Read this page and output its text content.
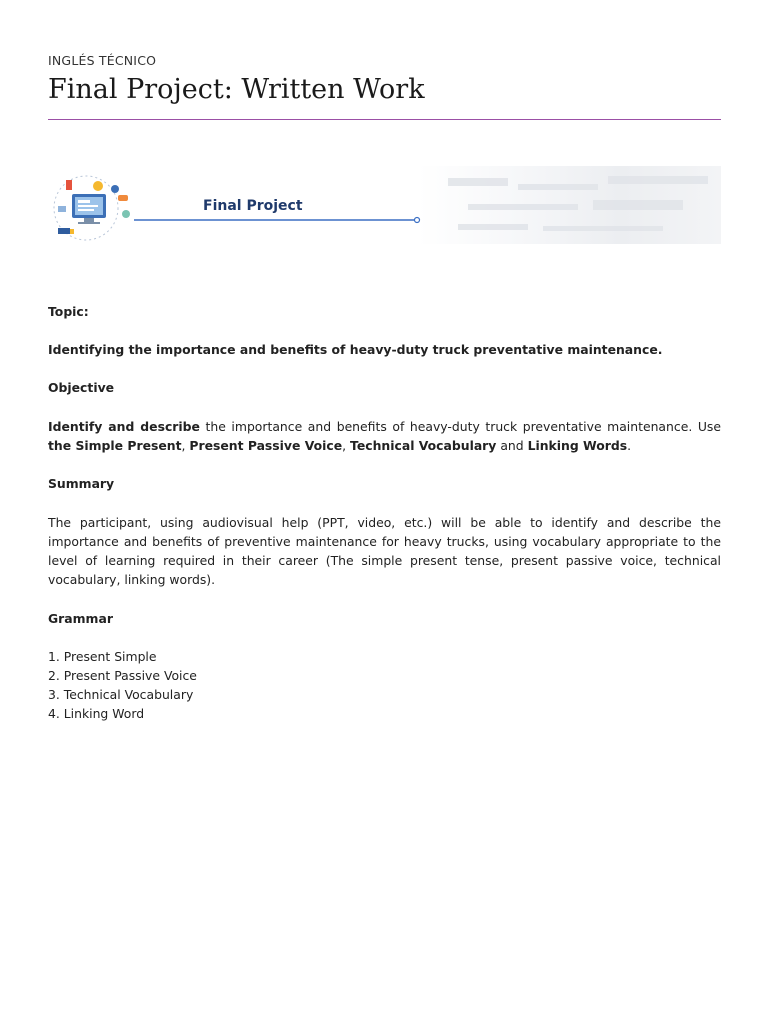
INGLÉS TÉCNICO
Final Project: Written Work
Final Project
Topic:
Identifying the importance and benefits of heavy-duty truck preventative maintenance.
Objective
Identify and describe the importance and benefits of heavy-duty truck preventative maintenance. Use the Simple Present, Present Passive Voice, Technical Vocabulary and Linking Words.
Summary
The participant, using audiovisual help (PPT, video, etc.) will be able to identify and describe the importance and benefits of preventive maintenance for heavy trucks, using vocabulary appropriate to the level of learning required in their career (The simple present tense, present passive voice, technical vocabulary, linking words).
Grammar
1. Present Simple
2. Present Passive Voice
3. Technical Vocabulary
4. Linking Word
